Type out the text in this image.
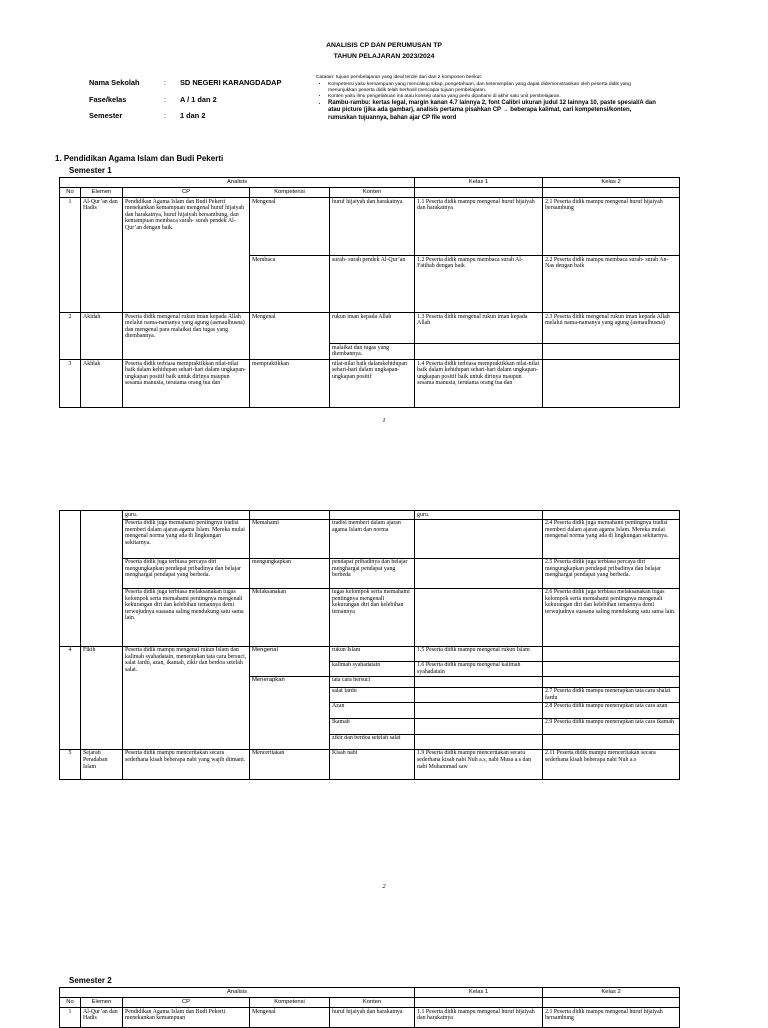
ANALISIS CP DAN PERUMUSAN TP
TAHUN PELAJARAN 2023/2024
Nama Sekolah	: SD NEGERI KARANGDADAP
Fase/kelas	: A / 1 dan 2
Semester	: 1 dan 2
Catatan: tujuan pembelajaran yang ideal terdiri dari dari 2 komponen berikut:
• Kompetensi yaitu kemampuan yang mencakup sikap, pengetahuan, dan keterampilan yang dapat didemonstrasikan oleh peserta didik yang menunjukkan peserta didik telah berhasil mencapai tujuan pembelajaran.
• Konten yaitu ilmu pengetahuan inti atau konsep utama yang perlu dipahami di akhir satu unit pembelajaran.
• Rambu-rambu: kertas legal, margin kanan 4.7 lainnya 2, font Calibri ukuran judul 12 lainnya 10, paste spesial/A dan atau picture (jika ada gambar), analisis pertama pisahkan CP → beberapa kalimat, cari kompetensi/konten, rumuskan tujuannya, bahan ajar CP file word
1. Pendidikan Agama Islam dan Budi Pekerti
Semester 1
Analisis					Kelas 1	Kelas 2
No	Elemen	CP	Kompetensi	Konten		
1	Al-Qur’an dan Hadis	Pendidikan Agama Islam dan Budi Pekerti menekankan kemampuan mengenal huruf hijaiyah dan harakatnya, huruf hijaiyah bersambung, dan kemampuan membaca surah- surah pendek Al-Qur’an dengan baik.	Mengenal	huruf hijaiyah dan harakatnya	1.1 Peserta didik mampu mengenal huruf hijaiyah dan harakatnya	2.1 Peserta didik mampu mengenal huruf hijaiyah bersambung
			Membaca	surah- surah pendek Al-Qur’an	1.2 Peserta didik mampu membaca surah Al-Fatihah dengan baik	2.2 Peserta didik mampu membaca surah- surah An-Nas dengan baik
2	Akidah	Peserta didik mengenal rukun iman kepada Allah melalui nama-namanya yang agung (asmaulhusna) dan mengenal para malaikat dan tugas yang diembannya.	Mengenal	rukun iman kepada Allah	1.3 Peserta didik mengenal rukun iman kepada Allah	2.3 Peserta didik mengenal rukun iman kepada Allah melalui nama-namanya yang agung (asmaulhusna)
				malaikat dan tugas yang diembannya.		
3	Akhlak	Peserta didik terbiasa mempraktikkan nilai-nilai baik dalam kehidupan sehari-hari dalam ungkapan-ungkapan positif baik untuk dirinya maupun sesama manusia, terutama orang tua dan	mempraktikkan	nilai-nilai baik dalamkehidupan sehari-hari dalam ungkapan-ungkapan positif	1.4 Peserta didik terbiasa mempraktikkan nilai-nilai baik dalam kehidupan sehari-hari dalam ungkapan-ungkapan positif baik untuk dirinya maupun sesama manusia, terutama orang tua dan	
1
		guru.			guru.	
		Peserta didik juga memahami pentingnya tradisi memberi dalam ajaran agama Islam. Mereka mulai mengenal norma yang ada di lingkungan sekitarnya.	Memahami	tradisi memberi dalam ajaran agama Islam dan norma		2.4 Peserta didik juga memahami pentingnya tradisi memberi dalam ajaran agama Islam. Mereka mulai mengenal norma yang ada di lingkungan sekitarnya.
		Peserta didik juga terbiasa percaya diri mengungkapkan pendapat pribadinya dan belajar menghargai pendapat yang berbeda.	mengungkapkan	pendapat pribadinya dan belajar menghargai pendapat yang berbeda		2.5 Peserta didik juga terbiasa percaya diri mengungkapkan pendapat pribadinya dan belajar menghargai pendapat yang berbeda.
		Peserta didik juga terbiasa melaksanakan tugas kelompok serta memahami pentingnya mengenali kekurangan diri dan kelebihan temannya demi terwujudnya suasana saling mendukung satu sama lain.	Melaksanakan	tugas kelompok serta memahami pentingnya mengenali kekurangan diri dan kelebihan temannya		2.6 Peserta didik juga terbiasa melaksanakan tugas kelompok serta memahami pentingnya mengenali kekurangan diri dan kelebihan temannya demi terwujudnya suasana saling mendukung satu sama lain.
4	Fikih	Peserta didik mampu mengenal rukun Islam dan kalimah syahadatain, menerapkan tata cara bersuci, salat fardu, azan, ikamah, zikir dan berdoa setelah salat.	Mengenal	rukun Islam	1.5 Peserta didik mampu mengenal rukun Islam	
				kalimah syahadatain	1.6 Peserta didik mampu mengenal kalimah syahadatain	
			Menerapkan	tata cara bersuci		
				salat fardu		2.7 Peserta didik mampu menerapkan tata cara shalat fardu
				Azan		2.8 Peserta didik mampu menerapkan tata cara azan
				Ikamah		2.9 Peserta didik mampu menerapkan tata cara ikamah
				zikir dan berdoa setelah salat		
5	Sejarah Peradaban Islam	Peserta didik mampu menceritakan secara sederhana kisah beberapa nabi yang wajib diimani.	Menceritakan	Kisah nabi	1.9 Peserta didik mampu menceritakan secara sederhana kisah nabi Nuh a.s, nabi Musa a.s dan nabi Muhammad saw	2.11 Peserta didik mampu menceritakan secara sederhana kisah beberapa nabi Nuh a.s
2
Semester 2
Analisis					Kelas 1	Kelas 2
No	Elemen	CP	Kompetensi	Konten		
1	Al-Qur’an dan Hadis	Pendidikan Agama Islam dan Budi Pekerti menekankan kemampuan	Mengenal	huruf hijaiyah dan harakatnya	1.1 Peserta didik mampu mengenal huruf hijaiyah dan harakatnya	2.1 Peserta didik mampu mengenal huruf hijaiyah bersambung
